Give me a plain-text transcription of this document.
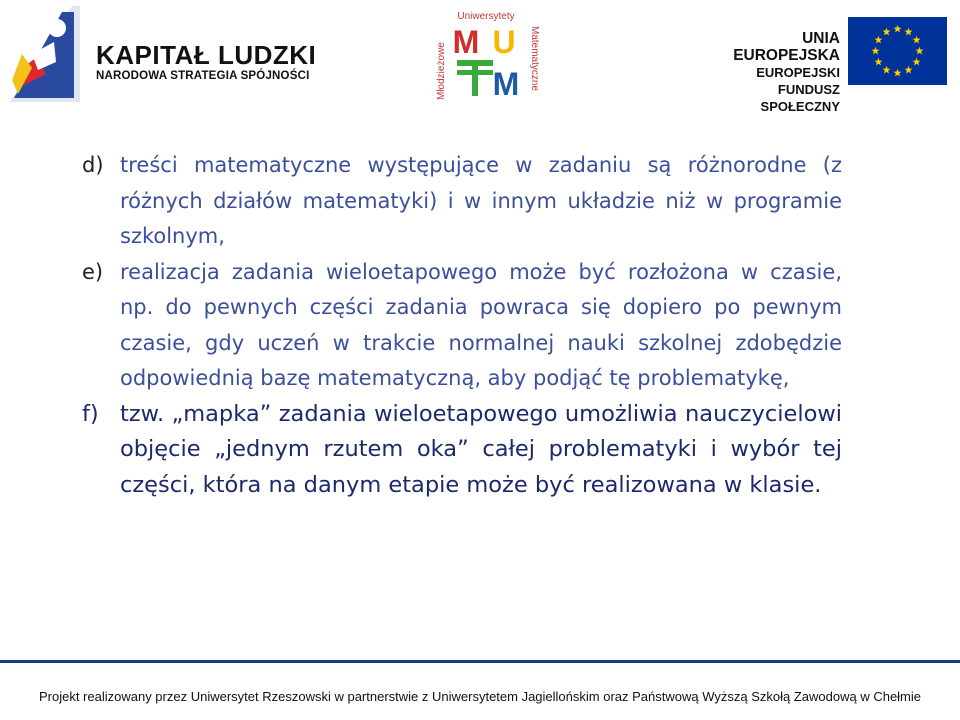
KAPITAŁ LUDZKI
NARODOWA STRATEGIA SPÓJNOŚCI
Uniwersytety
Młodzieżowe	Matematyczne
M U
M
UNIA EUROPEJSKA
EUROPEJSKI
FUNDUSZ SPOŁECZNY

d) treści matematyczne występujące w zadaniu są różnorodne (z różnych działów matematyki) i w innym układzie niż w programie szkolnym,

e) realizacja zadania wieloetapowego może być rozłożona w czasie, np. do pewnych części zadania powraca się dopiero po pewnym czasie, gdy uczeń w trakcie normalnej nauki szkolnej zdobędzie odpowiednią bazę matematyczną, aby podjąć tę problematykę,

f) tzw. „mapka” zadania wieloetapowego umożliwia nauczycielowi objęcie „jednym rzutem oka” całej problematyki i wybór tej części, która na danym etapie może być realizowana w klasie.

Projekt realizowany przez Uniwersytet Rzeszowski w partnerstwie z Uniwersytetem Jagiellońskim oraz Państwową Wyższą Szkołą Zawodową w Chełmie
